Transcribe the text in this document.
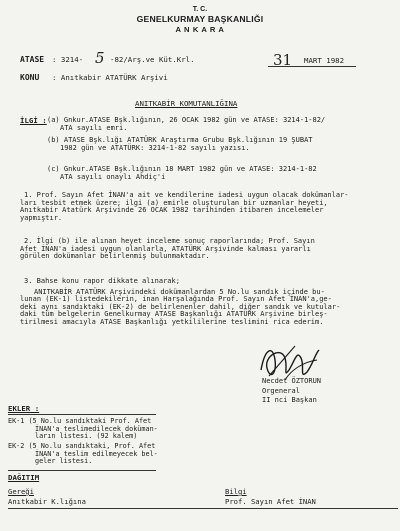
T. C.
GENELKURMAY BAŞKANLIĞI
A N K A R A
ATASE : 3214- 5 -82/Arş.ve Küt.Krl.	31 MART 1982
KONU : Anıtkabir ATATÜRK Arşivi
ANITKABİR KOMUTANLIĞINA
İLGİ : (a) Gnkur.ATASE Bşk.lığının, 26 OCAK 1982 gün ve ATASE: 3214-1-82/
ATA sayılı emri.
(b) ATASE Bşk.lığı ATATÜRK Araştırma Grubu Bşk.lığının 19 ŞUBAT
1982 gün ve ATATÜRK: 3214-1-82 sayılı yazısı.
(c) Gnkur.ATASE Bşk.lığının 18 MART 1982 gün ve ATASE: 3214-1-82
ATA sayılı onaylı Ahdiç'i
1. Prof. Sayın Afet İNAN'a ait ve kendilerine iadesi uygun olacak dokümanlar-
ları tesbit etmek üzere; ilgi (a) emirle oluşturulan bir uzmanlar heyeti,
Anıtkabir Atatürk Arşivinde 26 OCAK 1982 tarihinden itibaren incelemeler
yapmıştır.
2. İlgi (b) ile alınan heyet inceleme sonuç raporlarında; Prof. Sayın
Afet İNAN'a iadesi uygun olanlarla, ATATÜRK Arşivinde kalması yararlı
görülen dokümanlar belirlenmiş bulunmaktadır.
3. Bahse konu rapor dikkate alınarak;
ANITKABİR ATATÜRK Arşivindeki dokümanlardan 5 No.lu sandık içinde bu-
lunan (EK-1) listedekilerin, inan Harşalağında Prof. Sayın Afet İNAN'a,ge-
deki aynı sandıktaki (EK-2) de belirlenenler dahil, diğer sandık ve kutular-
daki tüm belgelerin Genelkurmay ATASE Başkanlığı ATATÜRK Arşivine birleş-
tirilmesi amacıyla ATASE Başkanlığı yetkililerine teslimini rica ederim.
Necdet ÖZTORUN
Orgeneral
II nci Başkan
EKLER :
EK-1 (5 No.lu sandıktaki Prof. Afet
İNAN'a teslimedilecek doküman-
ların listesi. (92 kalem)
EK-2 (5 No.lu sandıktaki, Prof. Afet
İNAN'a teslim edilmeyecek bel-
geler listesi.
DAĞITIM
Gereği
Anıtkabir K.lığına
Bilgi
Prof. Sayın Afet İNAN
